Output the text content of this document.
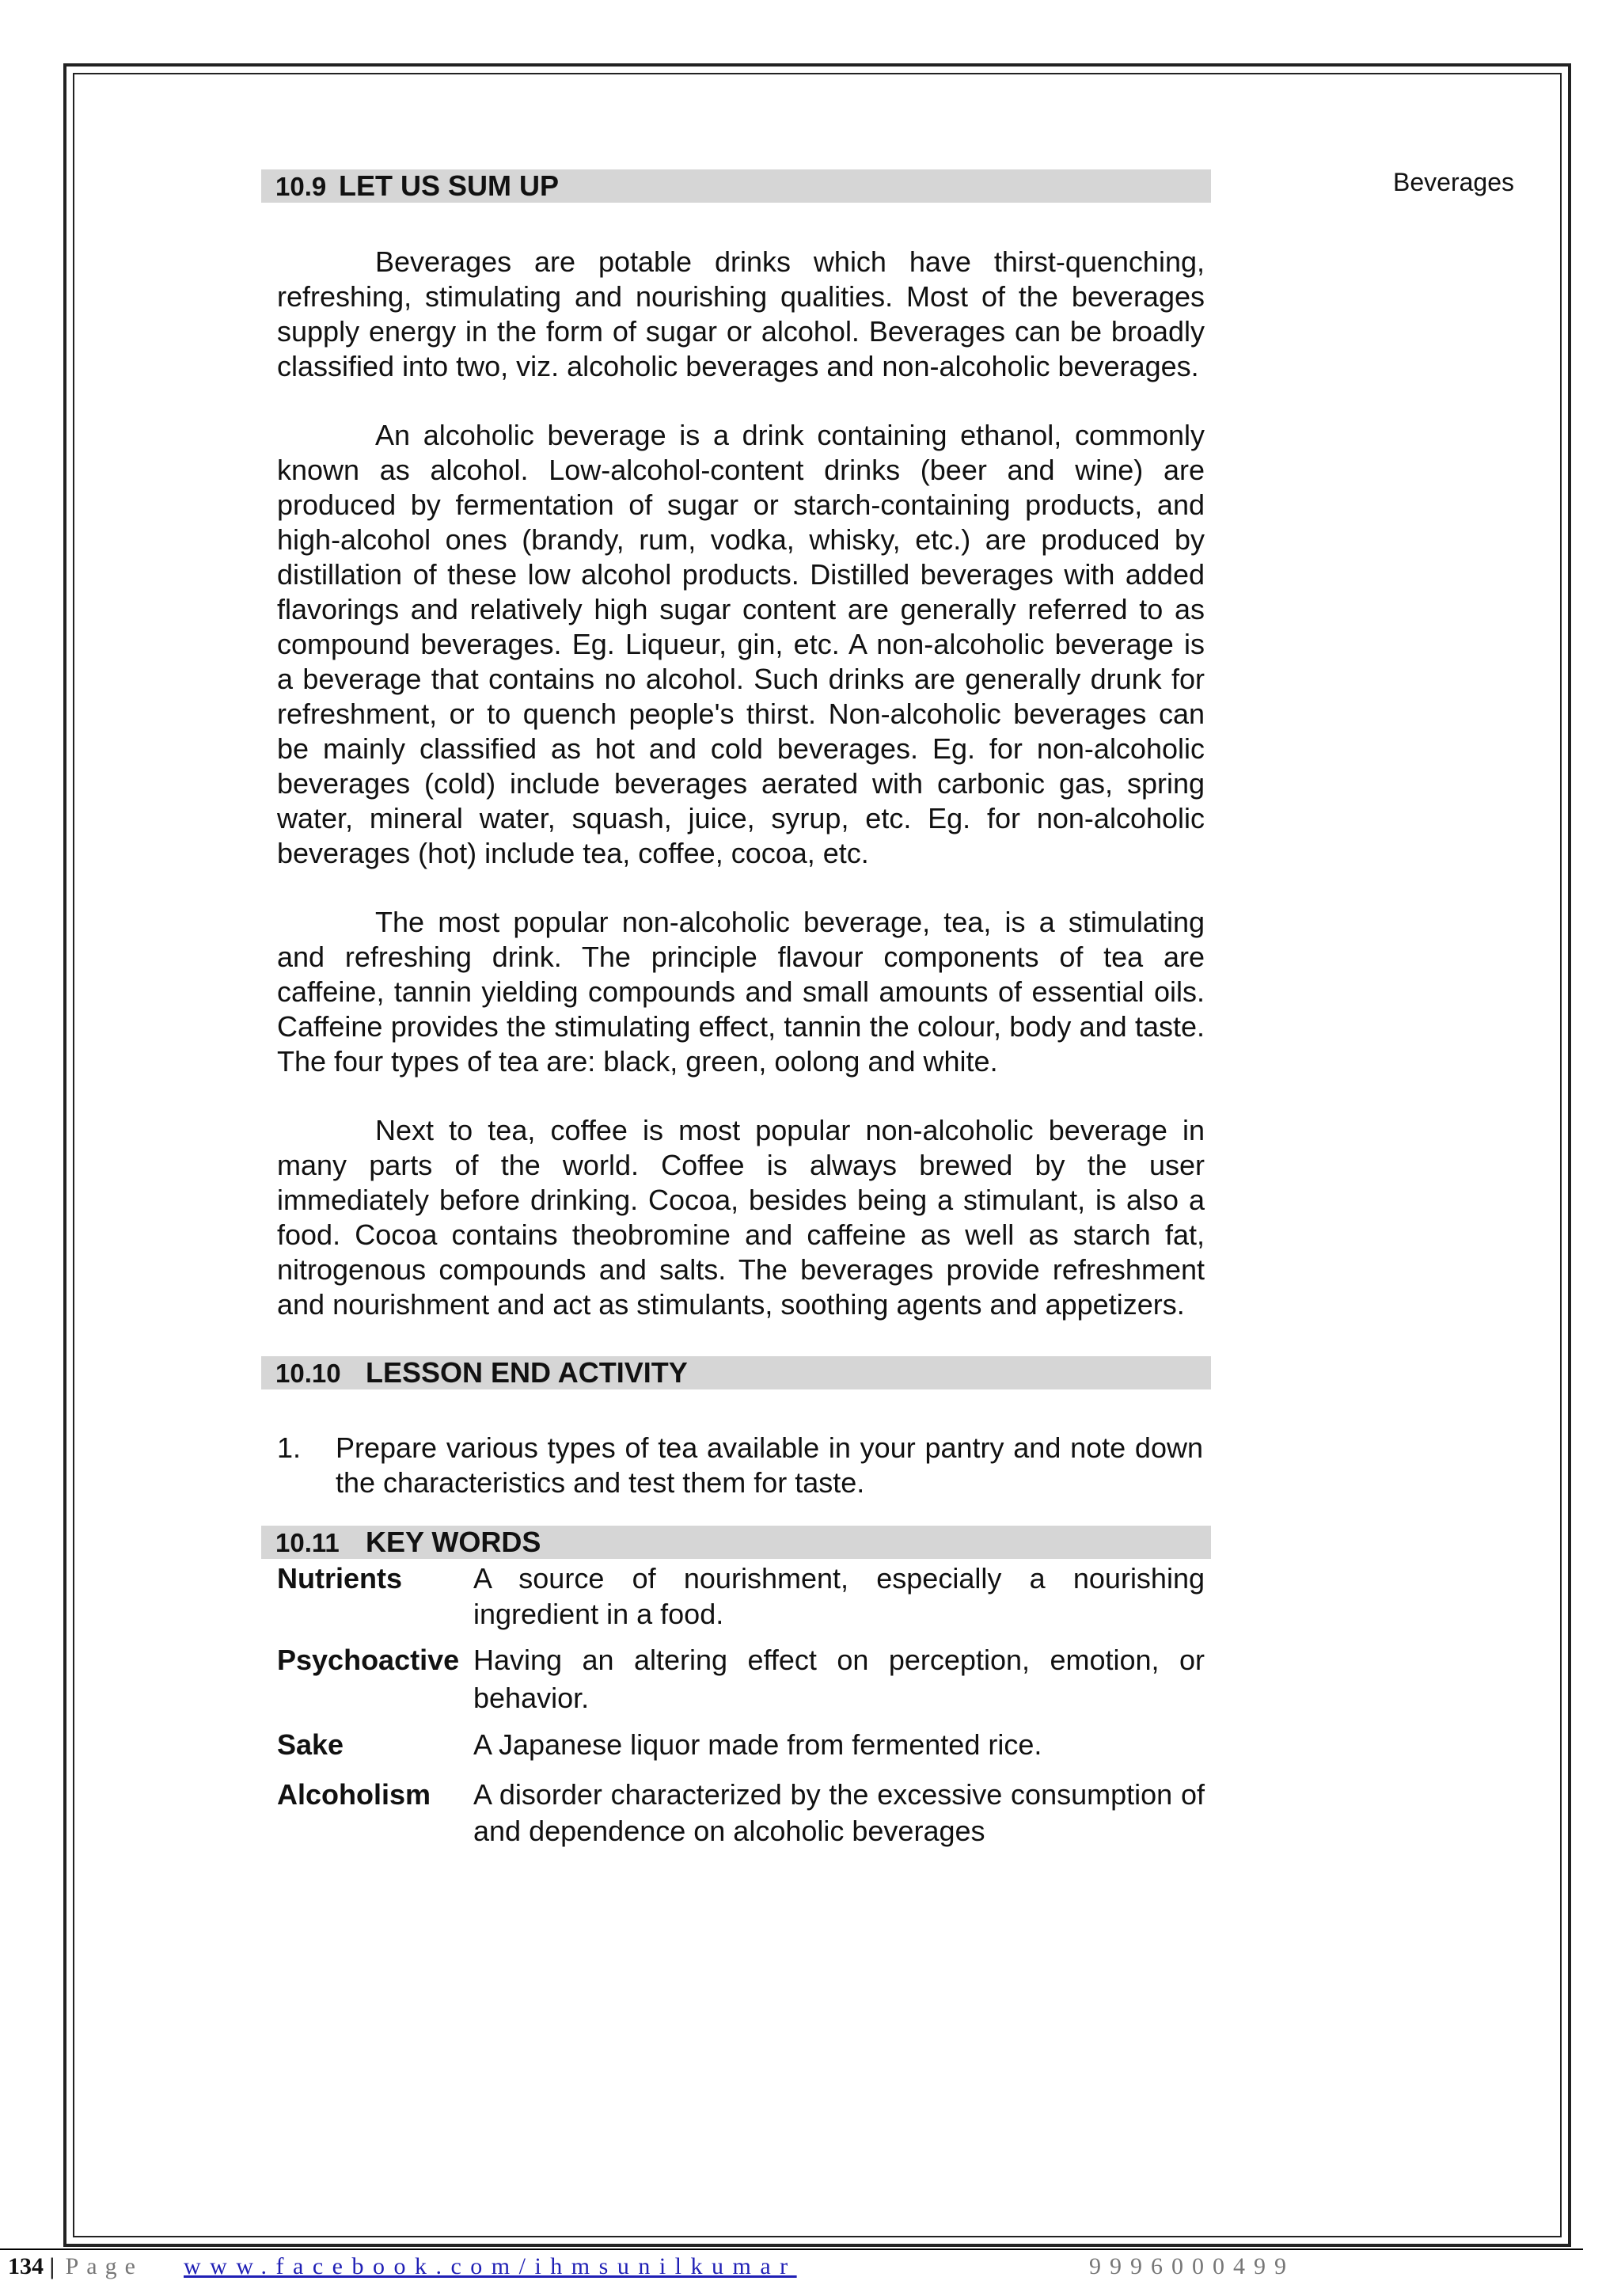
Beverages
10.9 LET US SUM UP

Beverages are potable drinks which have thirst-quenching, refreshing, stimulating and nourishing qualities. Most of the beverages supply energy in the form of sugar or alcohol. Beverages can be broadly classified into two, viz. alcoholic beverages and non-alcoholic beverages.

An alcoholic beverage is a drink containing ethanol, commonly known as alcohol. Low-alcohol-content drinks (beer and wine) are produced by fermentation of sugar or starch-containing products, and high-alcohol ones (brandy, rum, vodka, whisky, etc.) are produced by distillation of these low alcohol products. Distilled beverages with added flavorings and relatively high sugar content are generally referred to as compound beverages. Eg. Liqueur, gin, etc. A non-alcoholic beverage is a beverage that contains no alcohol. Such drinks are generally drunk for refreshment, or to quench people's thirst. Non-alcoholic beverages can be mainly classified as hot and cold beverages. Eg. for non-alcoholic beverages (cold) include beverages aerated with carbonic gas, spring water, mineral water, squash, juice, syrup, etc. Eg. for non-alcoholic beverages (hot) include tea, coffee, cocoa, etc.

The most popular non-alcoholic beverage, tea, is a stimulating and refreshing drink. The principle flavour components of tea are caffeine, tannin yielding compounds and small amounts of essential oils. Caffeine provides the stimulating effect, tannin the colour, body and taste. The four types of tea are: black, green, oolong and white.

Next to tea, coffee is most popular non-alcoholic beverage in many parts of the world. Coffee is always brewed by the user immediately before drinking. Cocoa, besides being a stimulant, is also a food. Cocoa contains theobromine and caffeine as well as starch fat, nitrogenous compounds and salts. The beverages provide refreshment and nourishment and act as stimulants, soothing agents and appetizers.

10.10 LESSON END ACTIVITY
1. Prepare various types of tea available in your pantry and note down the characteristics and test them for taste.
10.11 KEY WORDS
Nutrients A source of nourishment, especially a nourishing ingredient in a food.
Psychoactive Having an altering effect on perception, emotion, or behavior.
Sake	A Japanese liquor made from fermented rice.
Alcoholism A disorder characterized by the excessive consumption of and dependence on alcoholic beverages
134 | Page www.facebook.com/ihmsunilkumar	9996000499
